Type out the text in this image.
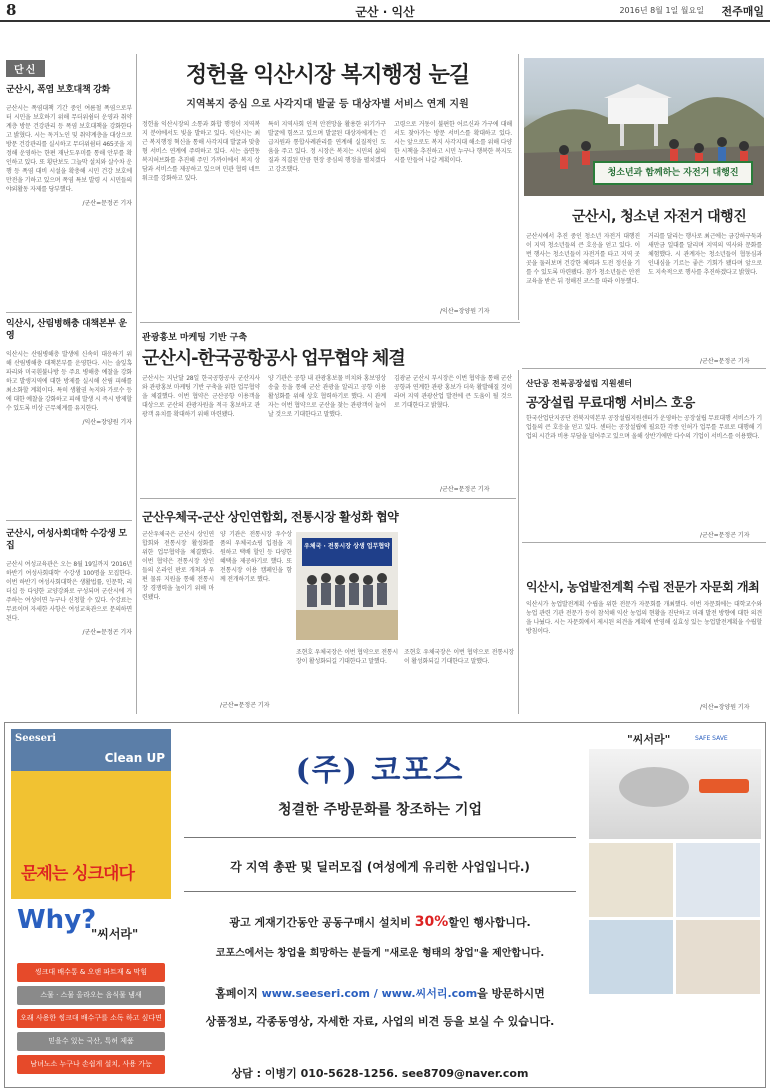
8	군산 · 익산	2016년 8월 1일 월요일 전주매일
단신
군산시, 폭염 보호대책 강화
군산시는 폭염대책 기간 중인 여름철 폭염으로부터 시민을 보호하기 위해 무더위쉼터 운영과 취약계층 방문 건강관리 등 폭염 보호대책을 강화한다고 밝혔다. 시는 독거노인 및 취약계층을 대상으로 방문 건강관리를 실시하고 무더위쉼터 465곳을 지정해 운영하는 한편 재난도우미를 통해 안부를 확인하고 있다. 또 횡단보도 그늘막 설치와 살수차 운행 등 폭염 대비 시설을 확충해 시민 건강 보호에 만전을 기하고 있으며 폭염 특보 발령 시 시민들의 야외활동 자제를 당부했다.
/군산=문정곤 기자
익산시, 산림병해충 대책본부 운영
익산시는 산림병해충 발생에 신속히 대응하기 위해 산림병해충 대책본부를 운영한다. 시는 솔잎혹파리와 미국흰불나방 등 주요 병해충 예찰을 강화하고 발생지역에 대한 방제를 실시해 산림 피해를 최소화할 계획이다. 특히 생활권 녹지와 가로수 등에 대한 예찰을 강화하고 피해 발생 시 즉시 방제할 수 있도록 비상 근무체계를 유지한다.
/익산=장양원 기자
군산시, 여성사회대학 수강생 모집
군산시 여성교육관은 오는 8월 19일까지 '2016년 하반기 여성사회대학' 수강생 100명을 모집한다. 이번 하반기 여성사회대학은 생활법률, 인문학, 리더십 등 다양한 교양강좌로 구성되며 군산시에 거주하는 여성이면 누구나 신청할 수 있다. 수강료는 무료이며 자세한 사항은 여성교육관으로 문의하면 된다.
/군산=문정곤 기자
정헌율 익산시장 복지행정 눈길
지역복지 중심 으로 사각지대 발굴 등 대상자별 서비스 연계 지원
정헌율 익산시장의 소통과 화합 행정이 지역복지 분야에서도 빛을 발하고 있다. 익산시는 최근 복지행정 혁신을 통해 사각지대 발굴과 맞춤형 서비스 연계에 주력하고 있다. 시는 읍면동 복지허브화를 추진해 주민 가까이에서 복지 상담과 서비스를 제공하고 있으며 민관 협력 네트워크를 강화하고 있다.
특히 지역사회 인적 안전망을 활용한 위기가구 발굴에 힘쓰고 있으며 발굴된 대상자에게는 긴급지원과 통합사례관리를 연계해 실질적인 도움을 주고 있다. 정 시장은 복지는 시민의 삶의 질과 직결된 만큼 현장 중심의 행정을 펼치겠다고 강조했다.
고령으로 거동이 불편한 어르신과 가구에 대해서도 찾아가는 방문 서비스를 확대하고 있다. 시는 앞으로도 복지 사각지대 해소를 위해 다양한 시책을 추진하고 시민 누구나 행복한 복지도시를 만들어 나갈 계획이다.
/익산=장양원 기자
청소년과 함께하는 자전거 대행진
군산시, 청소년 자전거 대행진
군산시에서 추진 중인 청소년 자전거 대행진이 지역 청소년들의 큰 호응을 얻고 있다. 이번 행사는 청소년들이 자전거를 타고 지역 곳곳을 둘러보며 건강한 체력과 도전 정신을 기를 수 있도록 마련됐다. 참가 청소년들은 안전교육을 받은 뒤 정해진 코스를 따라 이동했다.
거리를 달리는 행사로 최근에는 금강하구둑과 새만금 일대를 달리며 지역의 역사와 문화를 체험했다. 시 관계자는 청소년들이 협동심과 인내심을 기르는 좋은 기회가 됐다며 앞으로도 지속적으로 행사를 추진하겠다고 밝혔다.
/군산=문정곤 기자
관광홍보 마케팅 기반 구축
군산시-한국공항공사 업무협약 체결
군산시는 지난달 28일 한국공항공사 군산지사와 관광홍보 마케팅 기반 구축을 위한 업무협약을 체결했다. 이번 협약은 군산공항 이용객을 대상으로 군산의 관광자원을 적극 홍보하고 관광객 유치를 확대하기 위해 마련됐다.
양 기관은 공항 내 관광홍보물 비치와 홍보영상 송출 등을 통해 군산 관광을 알리고 공항 이용 활성화를 위해 상호 협력하기로 했다. 시 관계자는 이번 협약으로 군산을 찾는 관광객이 늘어날 것으로 기대한다고 말했다.
김광균 군산시 부시장은 이번 협약을 통해 군산공항과 연계한 관광 홍보가 더욱 활발해질 것이라며 지역 관광산업 발전에 큰 도움이 될 것으로 기대한다고 밝혔다.
/군산=문정곤 기자
산단공 전북공장설립 지원센터
공장설립 무료대행 서비스 호응
한국산업단지공단 전북지역본부 공장설립지원센터가 운영하는 공장설립 무료대행 서비스가 기업들의 큰 호응을 얻고 있다. 센터는 공장설립에 필요한 각종 인허가 업무를 무료로 대행해 기업의 시간과 비용 부담을 덜어주고 있으며 올해 상반기에만 다수의 기업이 서비스를 이용했다.
/군산=문정곤 기자
군산우체국-군산 상인연합회, 전통시장 활성화 협약
군산우체국은 군산시 상인연합회와 전통시장 활성화를 위한 업무협약을 체결했다. 이번 협약은 전통시장 상인들의 온라인 판로 개척과 우편 물류 지원을 통해 전통시장 경쟁력을 높이기 위해 마련됐다.
양 기관은 전통시장 우수상품의 우체국쇼핑 입점을 지원하고 택배 할인 등 다양한 혜택을 제공하기로 했다. 또 전통시장 이용 캠페인을 함께 전개하기로 했다.
우체국 · 전통시장 상생 업무협약
조현호 우체국장은 이번 협약으로 전통시장이 활성화되길 기대한다고 말했다.
조현호 우체국장은 이번 협약으로 전통시장이 활성화되길 기대한다고 말했다.
/군산=문정곤 기자
익산시, 농업발전계획 수립 전문가 자문회 개최
익산시가 농업발전계획 수립을 위한 전문가 자문회를 개최했다. 이번 자문회에는 대학교수와 농업 관련 기관 전문가 등이 참석해 익산 농업의 현황을 진단하고 미래 발전 방향에 대한 의견을 나눴다. 시는 자문회에서 제시된 의견을 계획에 반영해 실효성 있는 농업발전계획을 수립할 방침이다.
/익산=장양원 기자
Seeseri
Clean UP
문제는 싱크대다
Why?
"씨서라"
씽크대 배수통 & 오랜 파트재 & 막힘
스물 · 스물 올라오는 음식물 냄새
오래 사용한 씽크대 배수구를 소독 하고 싶다면
믿을수 있는 국산, 특허 제품
남녀노소 누구나 손쉽게 설치, 사용 가능
(주) 코포스
청결한 주방문화를 창조하는 기업
각 지역 총판 및 딜러모집 (여성에게 유리한 사업입니다.)
광고 게재기간동안 공동구매시 설치비 30%할인 행사합니다.
코포스에서는 창업을 희망하는 분들게 "새로운 형태의 창업"을 제안합니다.
홈페이지 www.seeseri.com / www.씨서리.com을 방문하시면
상품정보, 각종동영상, 자세한 자료, 사업의 비견 등을 보실 수 있습니다.
상담 : 이병기 010-5628-1256. see8709@naver.com
"씨서라"	SAFE SAVE
